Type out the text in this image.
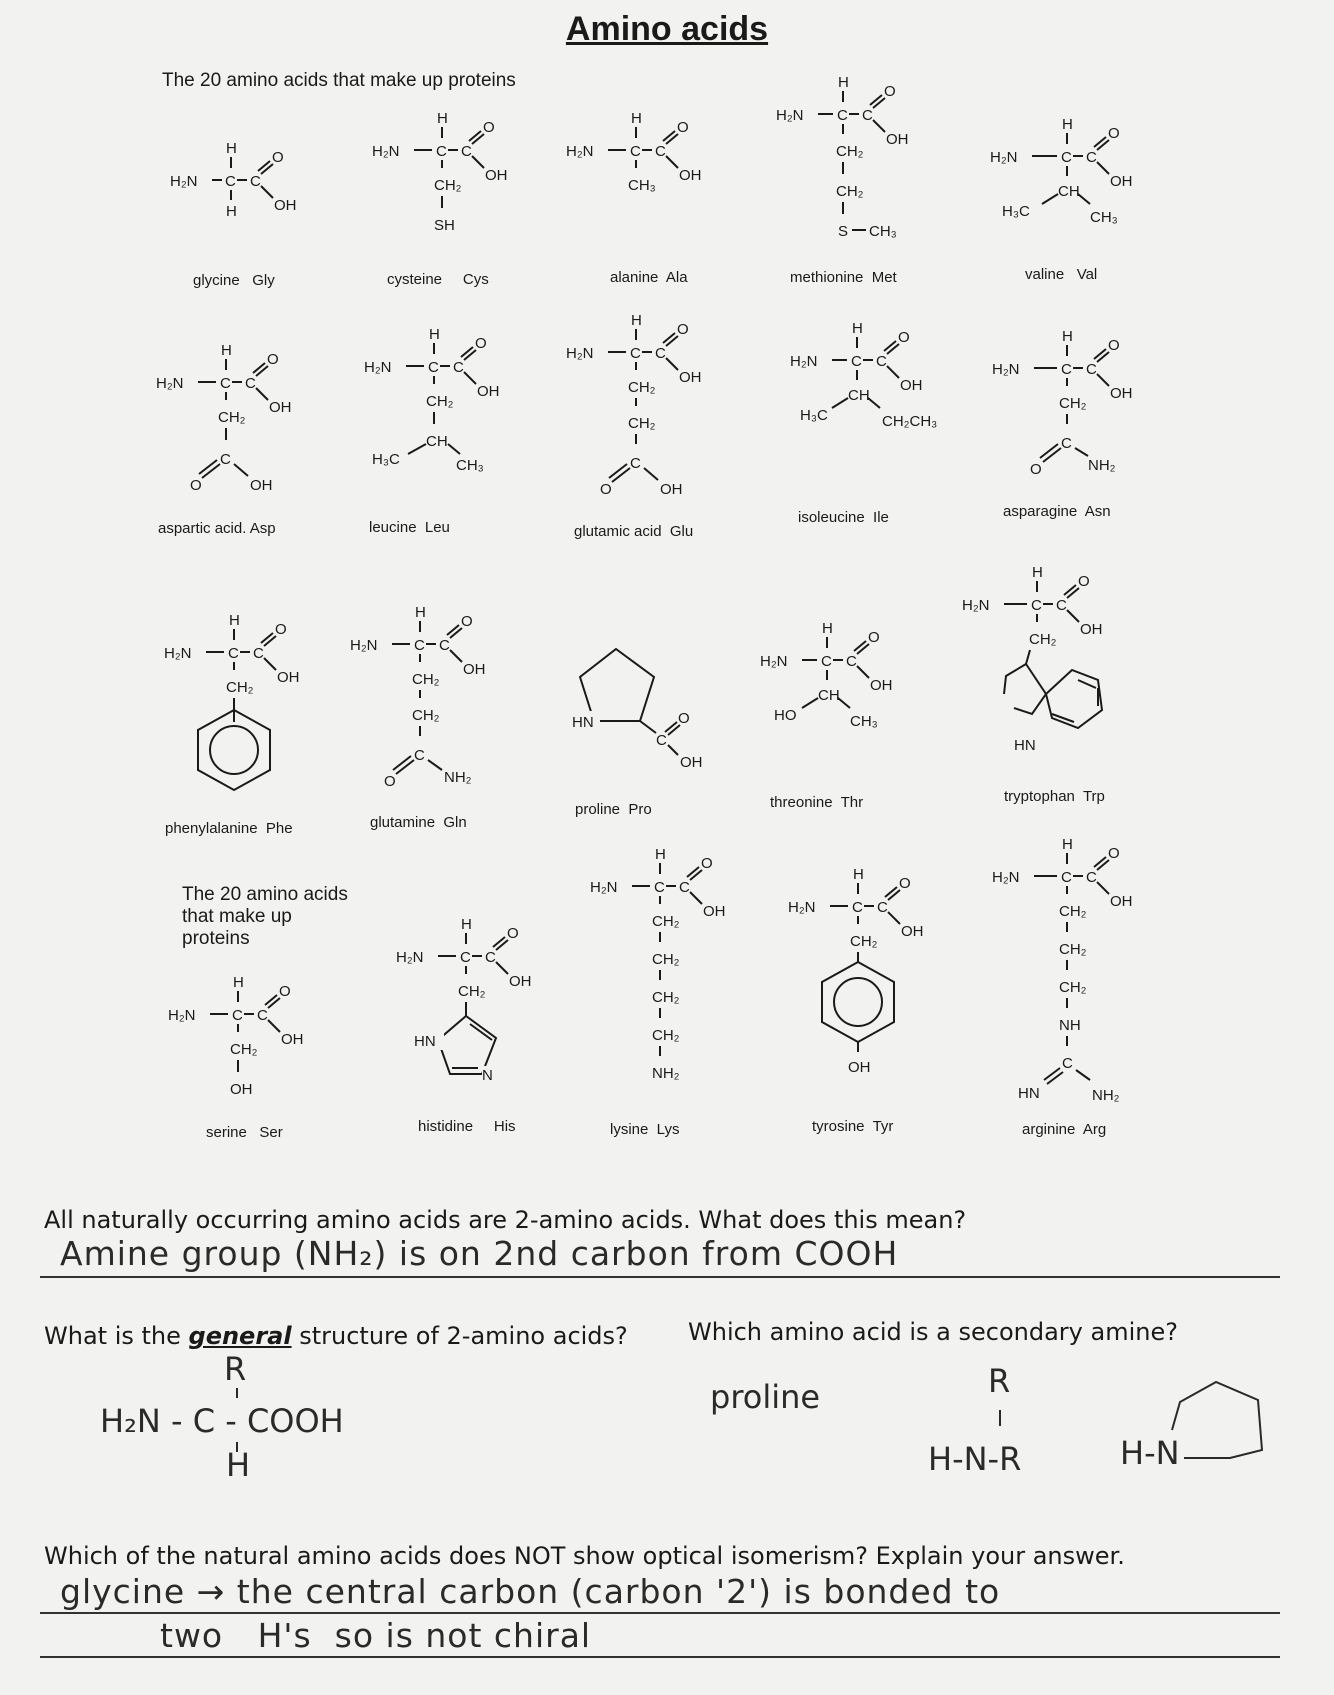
Amino acids
The 20 amino acids that make up proteins
The 20 amino acids that make up proteins
H
H₂N C
H
C
O
OH
glycine   Gly
H
H₂N C C
O
OH
CH₂
SH
cysteine     Cys
H
H₂N C C
O
OH
CH₃
alanine  Ala
H
H₂N C C
O
OH
CH₂
CH₂
S CH₃
methionine  Met
H
H₂N	C C
O
OH
CH
H₃C	CH₃
valine   Val
H
H₂N C C
O
OH
CH₂
C
O	OH
aspartic acid. Asp
H
H₂N C C
O
OH
CH₂
CH
H₃C	CH₃
leucine  Leu
H
H₂N C C
O
OH
CH₂
CH₂
C
O	OH
glutamic acid  Glu
H
H₂N C C
O
OH
CH
H₃C	CH₂CH₃
isoleucine  Ile
H
H₂N	C C
O
OH
CH₂
C
O	NH₂
asparagine  Asn
H
H₂N C C
O
OH
CH₂
phenylalanine  Phe
H
H₂N C C
O
OH
CH₂
CH₂
C
O	NH₂
glutamine  Gln
HN
C
O
OH
proline  Pro
H
H₂N C C
O
OH
CH
HO	CH₃
threonine  Thr
H
H₂N	C C
O
OH
CH₂
HN
tryptophan  Trp
H
H₂N C C
O
OH
CH₂
OH
serine   Ser
H
H₂N C C
O
OH
CH₂
HN
N
histidine     His
H
H₂N C C
O
OH
CH₂
CH₂
CH₂
CH₂
NH₂
lysine  Lys
H
H₂N C C
O
OH
CH₂
OH
tyrosine  Tyr
H
H₂N	C C
O
OH
CH₂
CH₂
CH₂
NH
C
HN	NH₂
arginine  Arg
All naturally occurring amino acids are 2-amino acids. What does this mean?
Amine group (NH₂) is on 2nd carbon from COOH
What is the general structure of 2-amino acids?
R
H₂N - C - COOH
H
Which amino acid is a secondary amine?
proline	R
H-N-R	H-N
Which of the natural amino acids does NOT show optical isomerism? Explain your answer.
glycine → the central carbon (carbon '2') is bonded to
two   H's  so is not chiral
